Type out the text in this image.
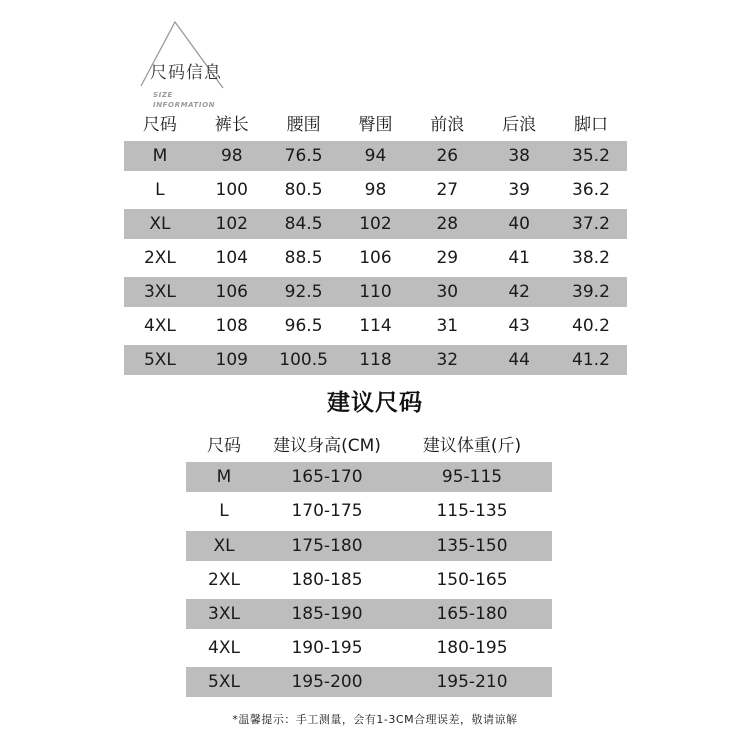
尺码信息
SIZE
INFORMATION
尺码	裤长	腰围	臀围	前浪	后浪	脚口
M	98	76.5	94	26	38	35.2
L	100	80.5	98	27	39	36.2
XL	102	84.5	102	28	40	37.2
2XL	104	88.5	106	29	41	38.2
3XL	106	92.5	110	30	42	39.2
4XL	108	96.5	114	31	43	40.2
5XL	109	100.5	118	32	44	41.2
建议尺码
尺码	建议身高(CM)	建议体重(斤)
M	165-170	95-115
L	170-175	115-135
XL	175-180	135-150
2XL	180-185	150-165
3XL	185-190	165-180
4XL	190-195	180-195
5XL	195-200	195-210
*温馨提示：手工测量，会有1-3CM合理误差，敬请谅解
